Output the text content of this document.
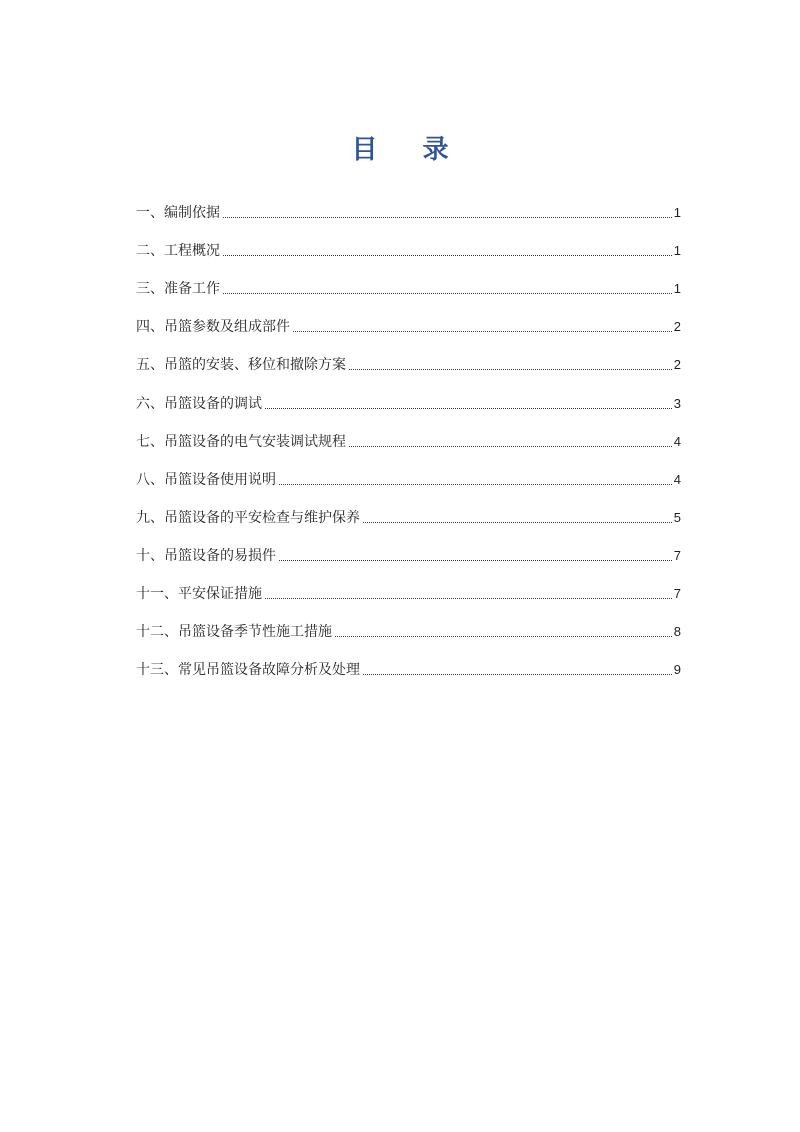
目 录
一、编制依据	1
二、工程概况	1
三、准备工作	1
四、吊篮参数及组成部件	2
五、吊篮的安装、移位和撤除方案	2
六、吊篮设备的调试	3
七、吊篮设备的电气安装调试规程	4
八、吊篮设备使用说明	4
九、吊篮设备的平安检查与维护保养	5
十、吊篮设备的易损件	7
十一、平安保证措施	7
十二、吊篮设备季节性施工措施	8
十三、常见吊篮设备故障分析及处理	9
